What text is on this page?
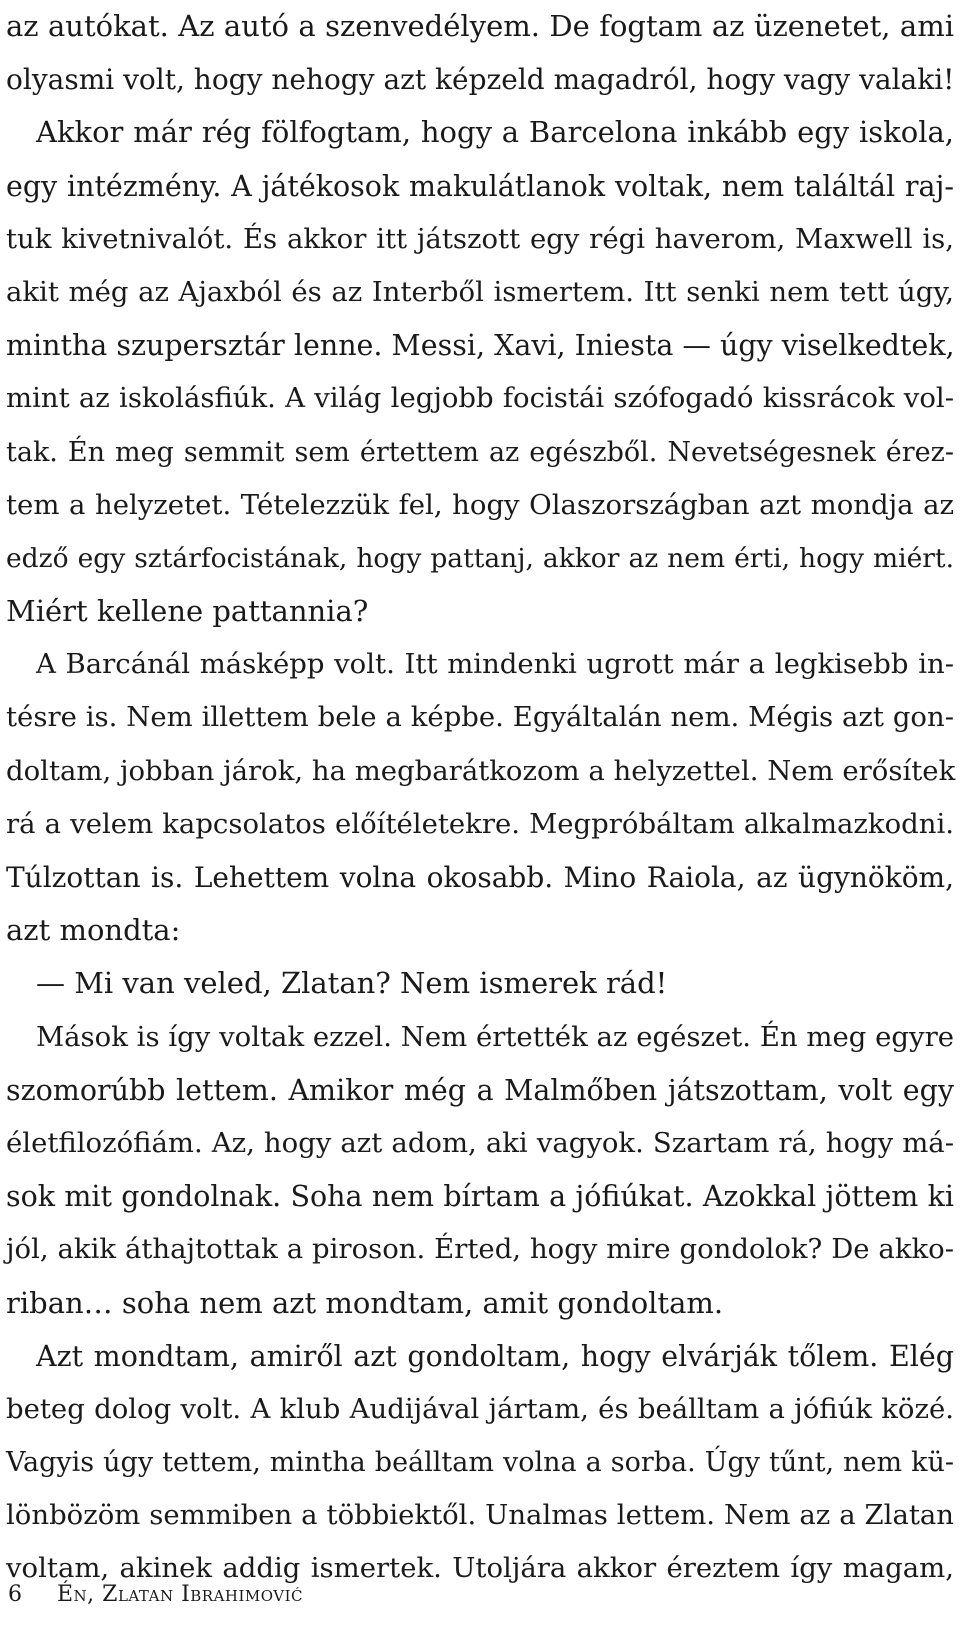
az autókat. Az autó a szenvedélyem. De fogtam az üzenetet, ami
olyasmi volt, hogy nehogy azt képzeld magadról, hogy vagy valaki!
Akkor már rég fölfogtam, hogy a Barcelona inkább egy iskola,
egy intézmény. A játékosok makulátlanok voltak, nem találtál raj-
tuk kivetnivalót. És akkor itt játszott egy régi haverom, Maxwell is,
akit még az Ajaxból és az Interből ismertem. Itt senki nem tett úgy,
mintha szupersztár lenne. Messi, Xavi, Iniesta — úgy viselkedtek,
mint az iskolásfiúk. A világ legjobb focistái szófogadó kissrácok vol-
tak. Én meg semmit sem értettem az egészből. Nevetségesnek érez-
tem a helyzetet. Tételezzük fel, hogy Olaszországban azt mondja az
edző egy sztárfocistának, hogy pattanj, akkor az nem érti, hogy miért.
Miért kellene pattannia?
A Barcánál másképp volt. Itt mindenki ugrott már a legkisebb in-
tésre is. Nem illettem bele a képbe. Egyáltalán nem. Mégis azt gon-
doltam, jobban járok, ha megbarátkozom a helyzettel. Nem erősítek
rá a velem kapcsolatos előítéletekre. Megpróbáltam alkalmazkodni.
Túlzottan is. Lehettem volna okosabb. Mino Raiola, az ügynököm,
azt mondta:
— Mi van veled, Zlatan? Nem ismerek rád!
Mások is így voltak ezzel. Nem értették az egészet. Én meg egyre
szomorúbb lettem. Amikor még a Malmőben játszottam, volt egy
életfilozófiám. Az, hogy azt adom, aki vagyok. Szartam rá, hogy má-
sok mit gondolnak. Soha nem bírtam a jófiúkat. Azokkal jöttem ki
jól, akik áthajtottak a piroson. Érted, hogy mire gondolok? De akko-
riban… soha nem azt mondtam, amit gondoltam.
Azt mondtam, amiről azt gondoltam, hogy elvárják tőlem. Elég
beteg dolog volt. A klub Audijával jártam, és beálltam a jófiúk közé.
Vagyis úgy tettem, mintha beálltam volna a sorba. Úgy tűnt, nem kü-
lönbözöm semmiben a többiektől. Unalmas lettem. Nem az a Zlatan
voltam, akinek addig ismertek. Utoljára akkor éreztem így magam,
6 Én, Zlatan Ibrahimović
